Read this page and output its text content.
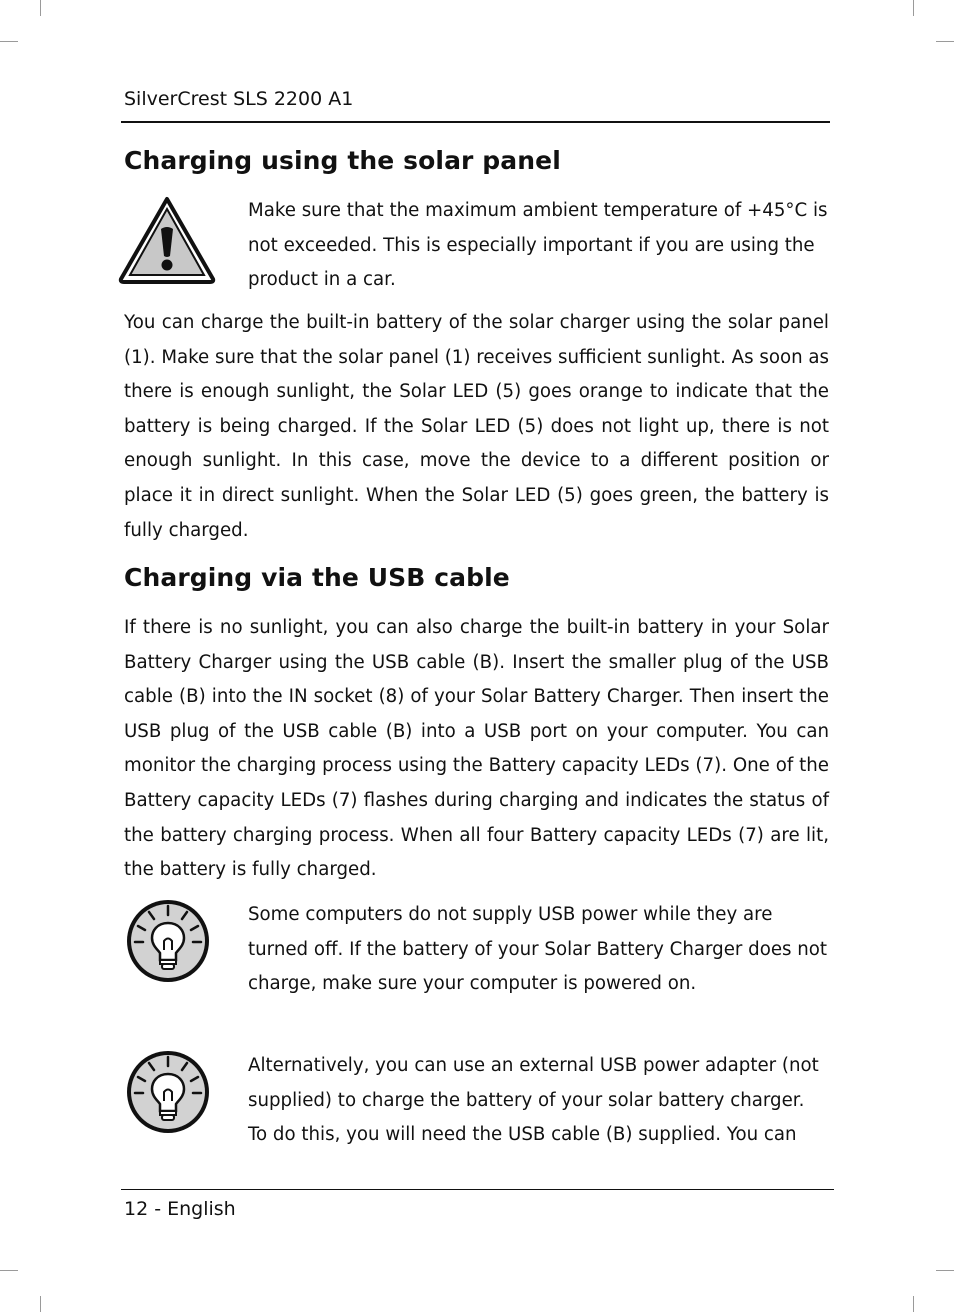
SilverCrest SLS 2200 A1
Charging using the solar panel
Make sure that the maximum ambient temperature of +45°C is
not exceeded. This is especially important if you are using the
product in a car.

You can charge the built-in battery of the solar charger using the solar panel (1). Make sure that the solar panel (1) receives sufficient sunlight. As soon as there is enough sunlight, the Solar LED (5) goes orange to indicate that the battery is being charged. If the Solar LED (5) does not light up, there is not enough sunlight. In this case, move the device to a different position or place it in direct sunlight. When the Solar LED (5) goes green, the battery is fully charged.

Charging via the USB cable

If there is no sunlight, you can also charge the built-in battery in your Solar Battery Charger using the USB cable (B). Insert the smaller plug of the USB cable (B) into the IN socket (8) of your Solar Battery Charger. Then insert the USB plug of the USB cable (B) into a USB port on your computer. You can monitor the charging process using the Battery capacity LEDs (7). One of the Battery capacity LEDs (7) flashes during charging and indicates the status of the battery charging process. When all four Battery capacity LEDs (7) are lit, the battery is fully charged.

Some computers do not supply USB power while they are
turned off. If the battery of your Solar Battery Charger does not
charge, make sure your computer is powered on.
Alternatively, you can use an external USB power adapter (not
supplied) to charge the battery of your solar battery charger.
To do this, you will need the USB cable (B) supplied. You can
12 - English
